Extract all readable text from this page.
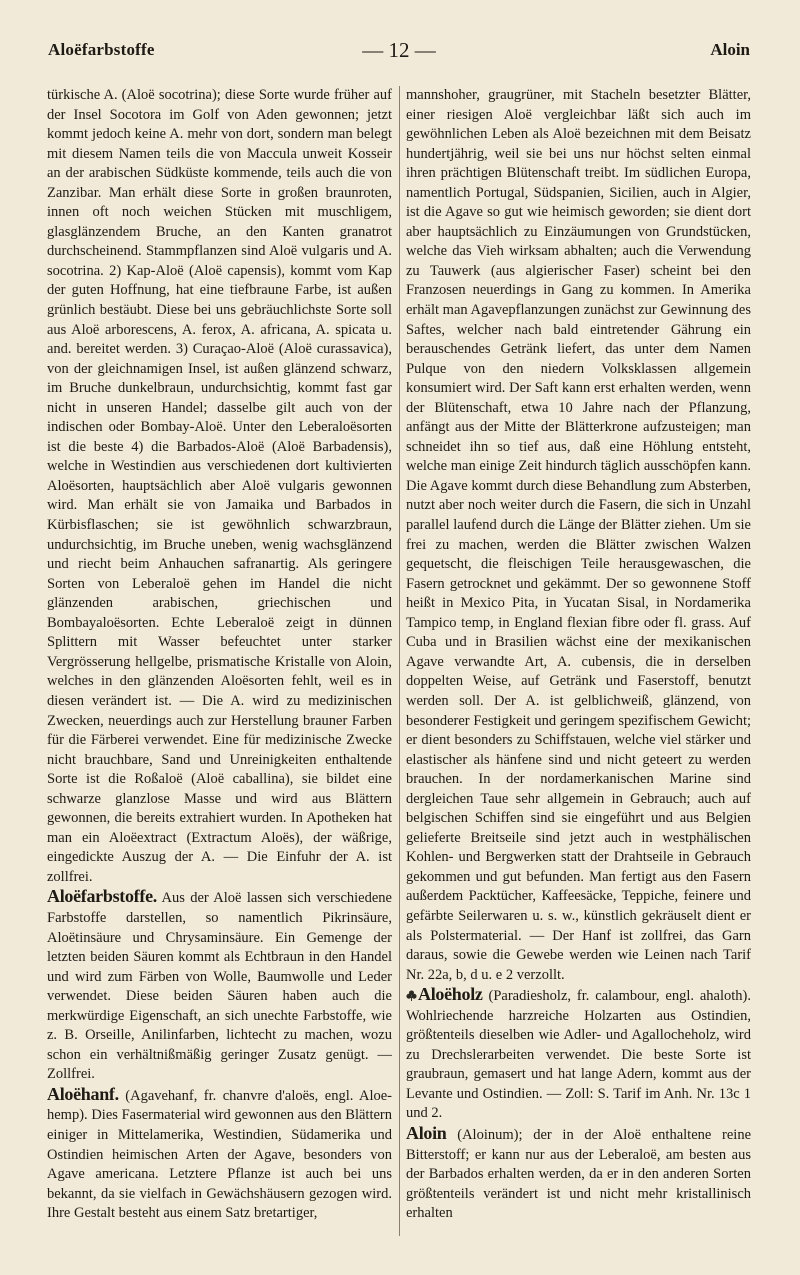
Aloëfarbstoffe	— 12 —	Aloin

türkische A. (Aloë socotrina); diese Sorte wurde früher auf der Insel Socotora im Golf von Aden gewonnen; jetzt kommt jedoch keine A. mehr von dort, sondern man belegt mit diesem Namen teils die von Maccula unweit Kosseir an der arabischen Südküste kommende, teils auch die von Zanzibar. Man erhält diese Sorte in großen braunroten, innen oft noch weichen Stücken mit muschligem, glasglänzendem Bruche, an den Kanten granatrot durchscheinend. Stammpflanzen sind Aloë vulgaris und A. socotrina. 2) Kap-Aloë (Aloë capensis), kommt vom Kap der guten Hoffnung, hat eine tiefbraune Farbe, ist außen grünlich bestäubt. Diese bei uns gebräuchlichste Sorte soll aus Aloë arborescens, A. ferox, A. africana, A. spicata u. and. bereitet werden. 3) Curaçao-Aloë (Aloë curassavica), von der gleichnamigen Insel, ist außen glänzend schwarz, im Bruche dunkelbraun, undurchsichtig, kommt fast gar nicht in unseren Handel; dasselbe gilt auch von der indischen oder Bombay-Aloë. Unter den Leberaloësorten ist die beste 4) die Barbados-Aloë (Aloë Barbadensis), welche in Westindien aus verschiedenen dort kultivierten Aloësorten, hauptsächlich aber Aloë vulgaris gewonnen wird. Man erhält sie von Jamaika und Barbados in Kürbisflaschen; sie ist gewöhnlich schwarzbraun, undurchsichtig, im Bruche uneben, wenig wachsglänzend und riecht beim Anhauchen safranartig. Als geringere Sorten von Leberaloë gehen im Handel die nicht glänzenden arabischen, griechischen und Bombayaloësorten. Echte Leberaloë zeigt in dünnen Splittern mit Wasser befeuchtet unter starker Vergrösserung hellgelbe, prismatische Kristalle von Aloin, welches in den glänzenden Aloësorten fehlt, weil es in diesen verändert ist. — Die A. wird zu medizinischen Zwecken, neuerdings auch zur Herstellung brauner Farben für die Färberei verwendet. Eine für medizinische Zwecke nicht brauchbare, Sand und Unreinigkeiten enthaltende Sorte ist die Roßaloë (Aloë caballina), sie bildet eine schwarze glanzlose Masse und wird aus Blättern gewonnen, die bereits extrahiert wurden. In Apotheken hat man ein Aloëextract (Extractum Aloës), der wäßrige, eingedickte Auszug der A. — Die Einfuhr der A. ist zollfrei.

Aloëfarbstoffe. Aus der Aloë lassen sich verschiedene Farbstoffe darstellen, so namentlich Pikrinsäure, Aloëtinsäure und Chrysaminsäure. Ein Gemenge der letzten beiden Säuren kommt als Echtbraun in den Handel und wird zum Färben von Wolle, Baumwolle und Leder verwendet. Diese beiden Säuren haben auch die merkwürdige Eigenschaft, an sich unechte Farbstoffe, wie z. B. Orseille, Anilinfarben, lichtecht zu machen, wozu schon ein verhältnißmäßig geringer Zusatz genügt. — Zollfrei.

Aloëhanf. (Agavehanf, fr. chanvre d'aloës, engl. Aloe-hemp). Dies Fasermaterial wird gewonnen aus den Blättern einiger in Mittelamerika, Westindien, Südamerika und Ostindien heimischen Arten der Agave, besonders von Agave americana. Letztere Pflanze ist auch bei uns bekannt, da sie vielfach in Gewächshäusern gezogen wird. Ihre Gestalt besteht aus einem Satz bretartiger,

mannshoher, graugrüner, mit Stacheln besetzter Blätter, einer riesigen Aloë vergleichbar läßt sich auch im gewöhnlichen Leben als Aloë bezeichnen mit dem Beisatz hundertjährig, weil sie bei uns nur höchst selten einmal ihren prächtigen Blütenschaft treibt. Im südlichen Europa, namentlich Portugal, Südspanien, Sicilien, auch in Algier, ist die Agave so gut wie heimisch geworden; sie dient dort aber hauptsächlich zu Einzäumungen von Grundstücken, welche das Vieh wirksam abhalten; auch die Verwendung zu Tauwerk (aus algierischer Faser) scheint bei den Franzosen neuerdings in Gang zu kommen. In Amerika erhält man Agavepflanzungen zunächst zur Gewinnung des Saftes, welcher nach bald eintretender Gährung ein berauschendes Getränk liefert, das unter dem Namen Pulque von den niedern Volksklassen allgemein konsumiert wird. Der Saft kann erst erhalten werden, wenn der Blütenschaft, etwa 10 Jahre nach der Pflanzung, anfängt aus der Mitte der Blätterkrone aufzusteigen; man schneidet ihn so tief aus, daß eine Höhlung entsteht, welche man einige Zeit hindurch täglich ausschöpfen kann. Die Agave kommt durch diese Behandlung zum Absterben, nutzt aber noch weiter durch die Fasern, die sich in Unzahl parallel laufend durch die Länge der Blätter ziehen. Um sie frei zu machen, werden die Blätter zwischen Walzen gequetscht, die fleischigen Teile herausgewaschen, die Fasern getrocknet und gekämmt. Der so gewonnene Stoff heißt in Mexico Pita, in Yucatan Sisal, in Nordamerika Tampico temp, in England flexian fibre oder fl. grass. Auf Cuba und in Brasilien wächst eine der mexikanischen Agave verwandte Art, A. cubensis, die in derselben doppelten Weise, auf Getränk und Faserstoff, benutzt werden soll. Der A. ist gelblichweiß, glänzend, von besonderer Festigkeit und geringem spezifischem Gewicht; er dient besonders zu Schiffstauen, welche viel stärker und elastischer als hänfene sind und nicht geteert zu werden brauchen. In der nordamerkanischen Marine sind dergleichen Taue sehr allgemein in Gebrauch; auch auf belgischen Schiffen sind sie eingeführt und aus Belgien gelieferte Breitseile sind jetzt auch in westphälischen Kohlen- und Bergwerken statt der Drahtseile in Gebrauch gekommen und gut befunden. Man fertigt aus den Fasern außerdem Packtücher, Kaffeesäcke, Teppiche, feinere und gefärbte Seilerwaren u. s. w., künstlich gekräuselt dient er als Polstermaterial. — Der Hanf ist zollfrei, das Garn daraus, sowie die Gewebe werden wie Leinen nach Tarif Nr. 22a, b, d u. e 2 verzollt.

Aloëholz (Paradiesholz, fr. calambour, engl. ahaloth). Wohlriechende harzreiche Holzarten aus Ostindien, größtenteils dieselben wie Adler- und Agallocheholz, wird zu Drechslerarbeiten verwendet. Die beste Sorte ist graubraun, gemasert und hat lange Adern, kommt aus der Levante und Ostindien. — Zoll: S. Tarif im Anh. Nr. 13c 1 und 2.

Aloin (Aloinum); der in der Aloë enthaltene reine Bitterstoff; er kann nur aus der Leberaloë, am besten aus der Barbados erhalten werden, da er in den anderen Sorten größtenteils verändert ist und nicht mehr kristallinisch erhalten
